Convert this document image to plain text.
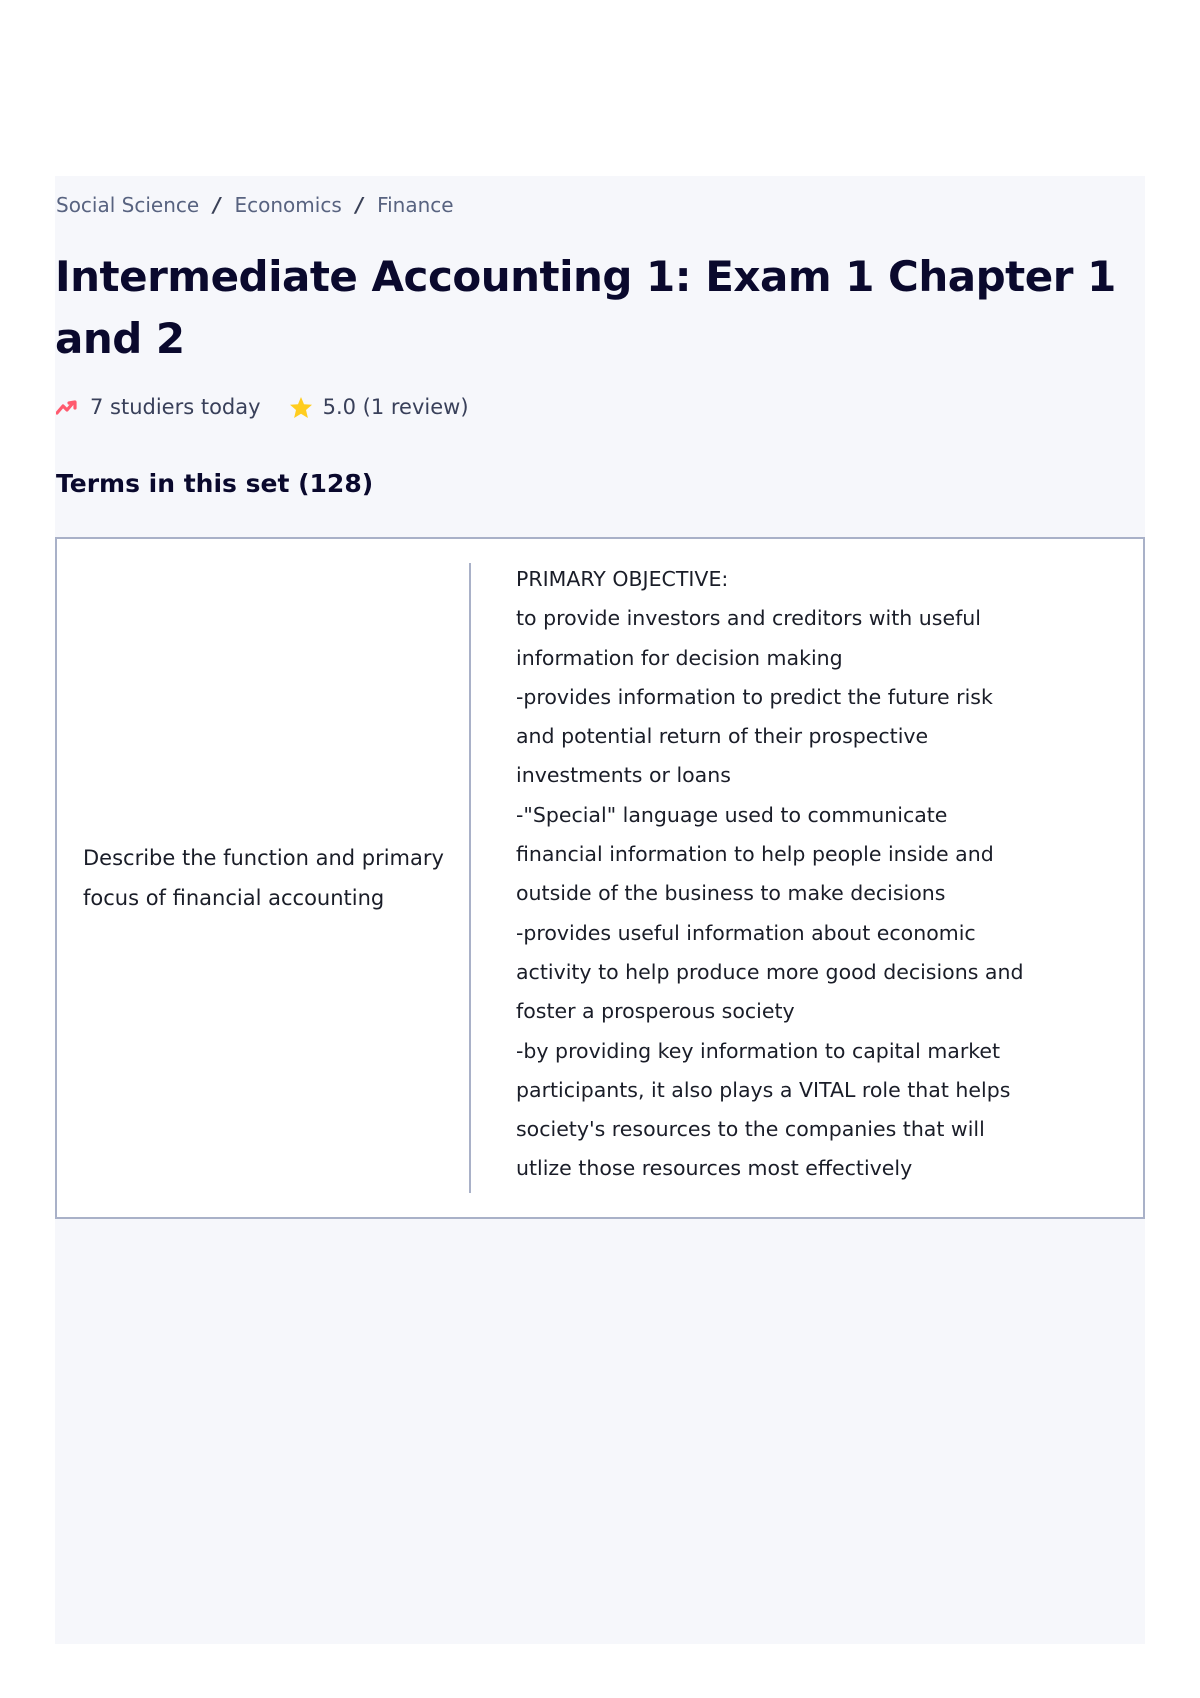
Social Science / Economics / Finance
Intermediate Accounting 1: Exam 1 Chapter 1 and 2
7 studiers today	5.0 (1 review)
Terms in this set (128)
Describe the function and primary focus of financial accounting
PRIMARY OBJECTIVE:
to provide investors and creditors with useful
information for decision making
-provides information to predict the future risk
and potential return of their prospective
investments or loans
-"Special" language used to communicate
financial information to help people inside and
outside of the business to make decisions
-provides useful information about economic
activity to help produce more good decisions and
foster a prosperous society
-by providing key information to capital market
participants, it also plays a VITAL role that helps
society's resources to the companies that will
utlize those resources most effectively
